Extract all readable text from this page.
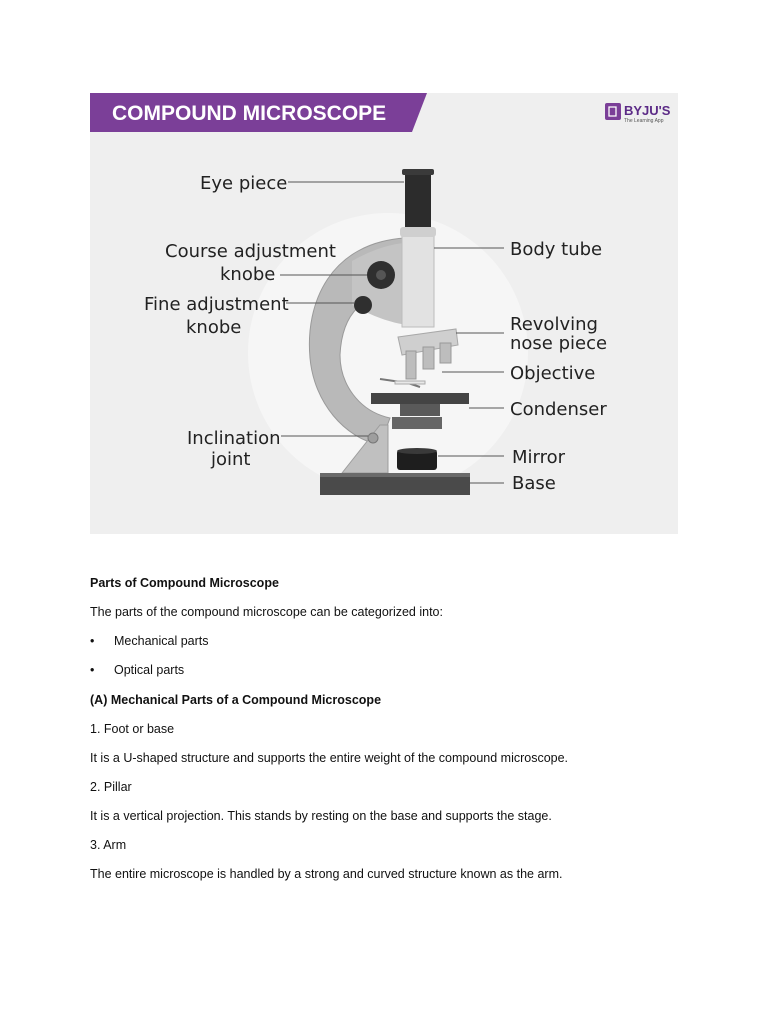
COMPOUND MICROSCOPE	BYJU'S
The Learning App
Eye piece
Course adjustment
knobe
Fine adjustment
knobe
Inclination
joint
Body tube
Revolving
nose piece
Objective
Condenser
Mirror
Base

Parts of Compound Microscope

The parts of the compound microscope can be categorized into:

• Mechanical parts

• Optical parts

(A) Mechanical Parts of a Compound Microscope

1. Foot or base

It is a U-shaped structure and supports the entire weight of the compound microscope.

2. Pillar

It is a vertical projection. This stands by resting on the base and supports the stage.

3. Arm

The entire microscope is handled by a strong and curved structure known as the arm.
